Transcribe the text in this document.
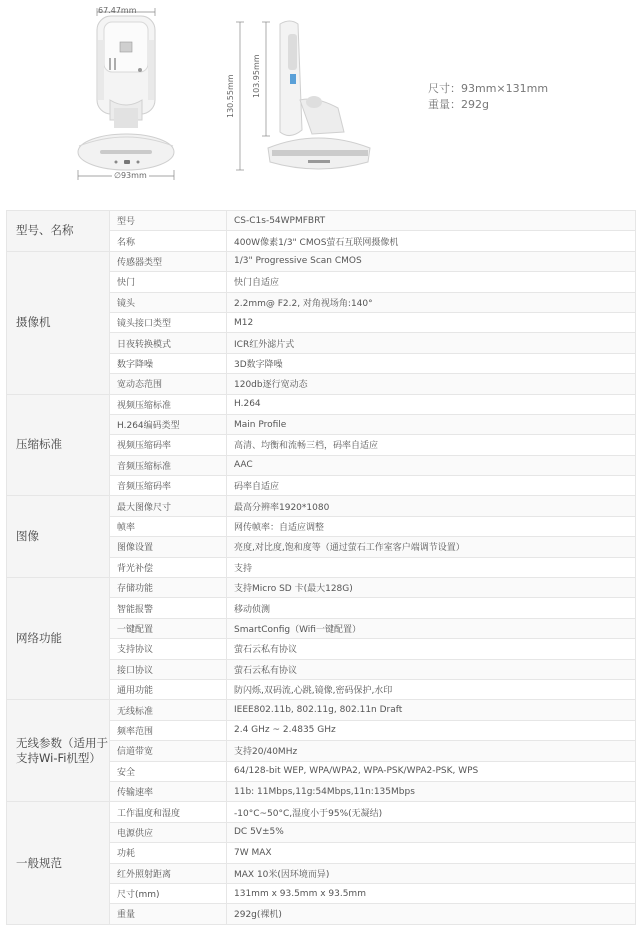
67.47mm
∅93mm
130.55mm 103.95mm	尺寸：93mm×131mm
重量：292g
型号、名称	型号	CS-C1s-54WPMFBRT
	名称	400W像素1/3" CMOS萤石互联网摄像机
摄像机	传感器类型	1/3" Progressive Scan CMOS
	快门	快门自适应
	镜头	2.2mm@ F2.2, 对角视场角:140°
	镜头接口类型	M12
	日夜转换模式	ICR红外滤片式
	数字降噪	3D数字降噪
	宽动态范围	120db逐行宽动态
压缩标准	视频压缩标准	H.264
	H.264编码类型	Main Profile
	视频压缩码率	高清、均衡和流畅三档，码率自适应
	音频压缩标准	AAC
	音频压缩码率	码率自适应
图像	最大图像尺寸	最高分辨率1920*1080
	帧率	网传帧率：自适应调整
	图像设置	亮度,对比度,饱和度等（通过萤石工作室客户端调节设置）
	背光补偿	支持
网络功能	存储功能	支持Micro SD 卡(最大128G)
	智能报警	移动侦测
	一键配置	SmartConfig（Wifi一键配置）
	支持协议	萤石云私有协议
	接口协议	萤石云私有协议
	通用功能	防闪烁,双码流,心跳,镜像,密码保护,水印
无线参数（适用于支持Wi-Fi机型）	无线标准	IEEE802.11b, 802.11g, 802.11n Draft
	频率范围	2.4 GHz ~ 2.4835 GHz
	信道带宽	支持20/40MHz
	安全	64/128-bit WEP, WPA/WPA2, WPA-PSK/WPA2-PSK, WPS
	传输速率	11b: 11Mbps,11g:54Mbps,11n:135Mbps
一般规范	工作温度和湿度	-10°C~50°C,湿度小于95%(无凝结)
	电源供应	DC 5V±5%
	功耗	7W MAX
	红外照射距离	MAX 10米(因环境而异)
	尺寸(mm)	131mm x 93.5mm x 93.5mm
	重量	292g(裸机)
